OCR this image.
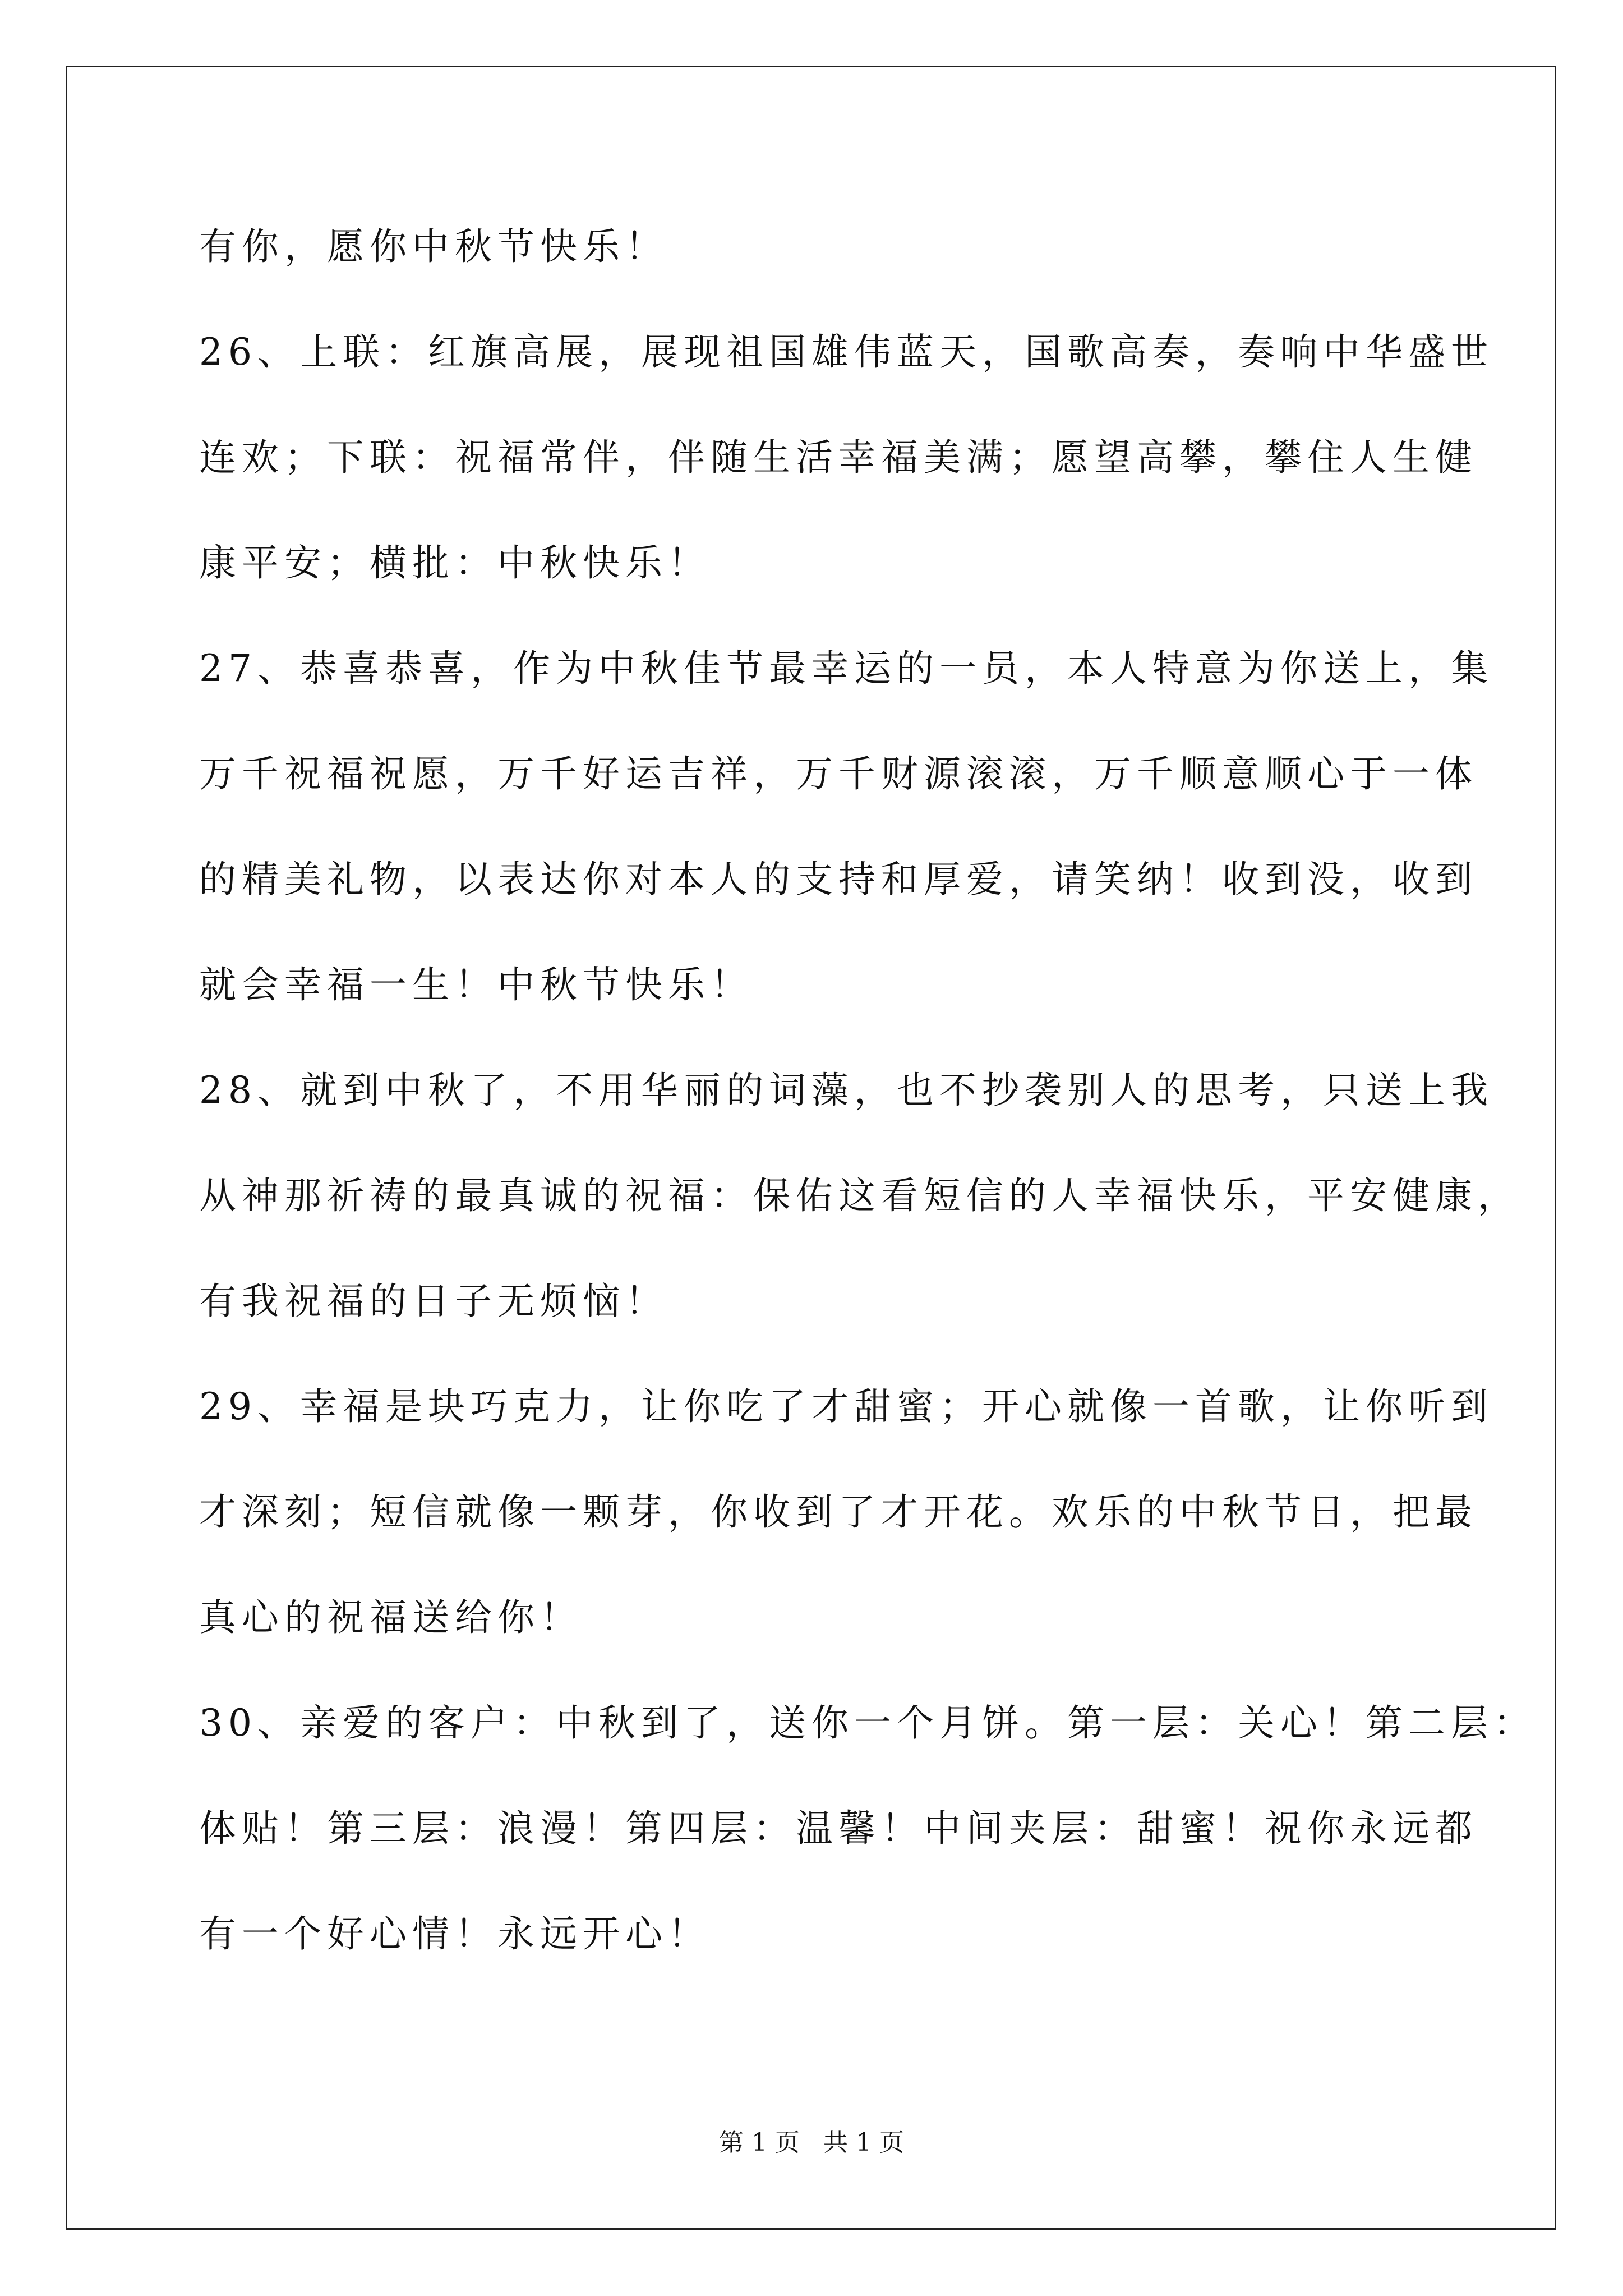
有你，愿你中秋节快乐！
26、上联：红旗高展，展现祖国雄伟蓝天，国歌高奏，奏响中华盛世
连欢；下联：祝福常伴，伴随生活幸福美满；愿望高攀，攀住人生健
康平安；横批：中秋快乐！
27、恭喜恭喜，作为中秋佳节最幸运的一员，本人特意为你送上，集
万千祝福祝愿，万千好运吉祥，万千财源滚滚，万千顺意顺心于一体
的精美礼物，以表达你对本人的支持和厚爱，请笑纳！收到没，收到
就会幸福一生！中秋节快乐！
28、就到中秋了，不用华丽的词藻，也不抄袭别人的思考，只送上我
从神那祈祷的最真诚的祝福：保佑这看短信的人幸福快乐，平安健康，
有我祝福的日子无烦恼！
29、幸福是块巧克力，让你吃了才甜蜜；开心就像一首歌，让你听到
才深刻；短信就像一颗芽，你收到了才开花。欢乐的中秋节日，把最
真心的祝福送给你！
30、亲爱的客户：中秋到了，送你一个月饼。第一层：关心！第二层：
体贴！第三层：浪漫！第四层：温馨！中间夹层：甜蜜！祝你永远都
有一个好心情！永远开心！
第 1 页   共 1 页
